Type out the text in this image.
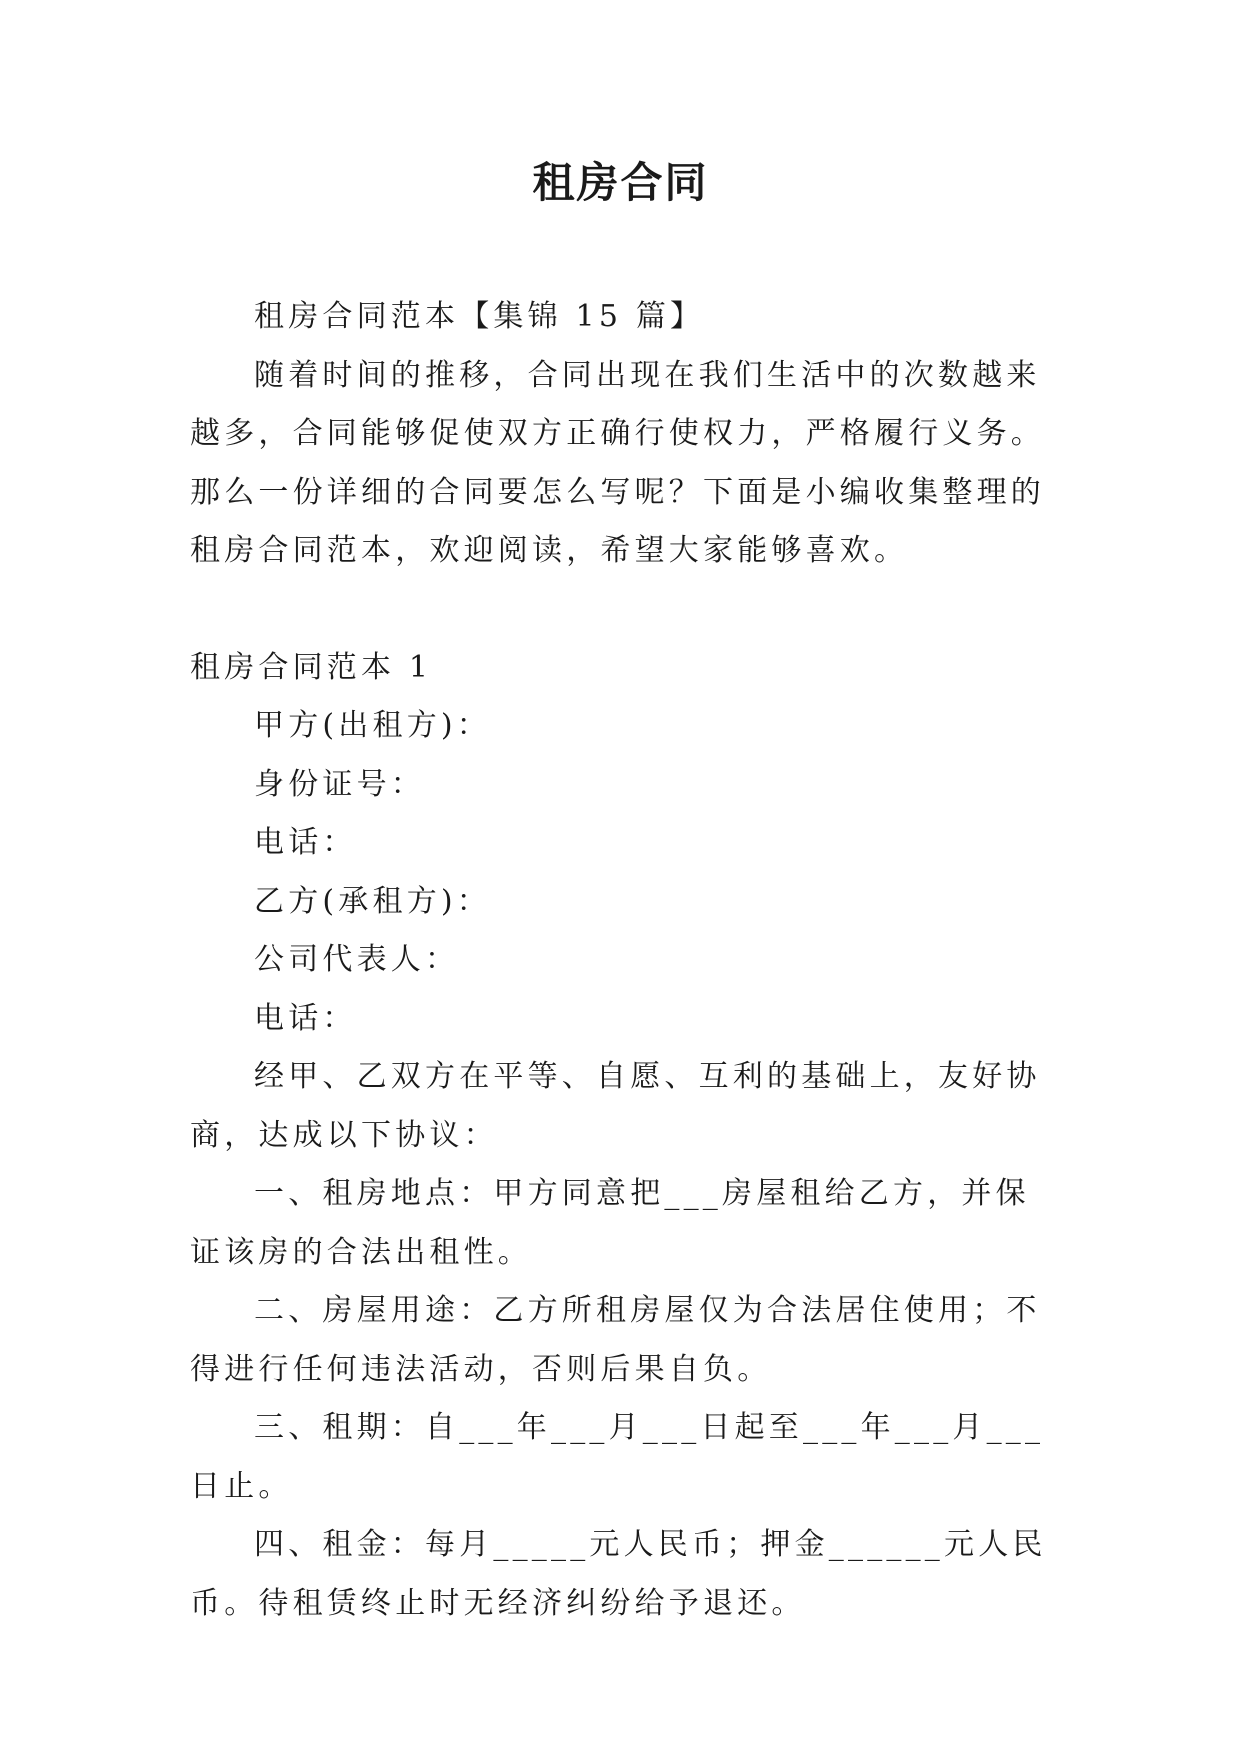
租房合同

租房合同范本【集锦 15 篇】

随着时间的推移，合同出现在我们生活中的次数越来越多，合同能够促使双方正确行使权力，严格履行义务。那么一份详细的合同要怎么写呢？下面是小编收集整理的租房合同范本，欢迎阅读，希望大家能够喜欢。

租房合同范本 1

甲方(出租方)：

身份证号：

电话：

乙方(承租方)：

公司代表人：

电话：

经甲、乙双方在平等、自愿、互利的基础上，友好协商，达成以下协议：

一、租房地点：甲方同意把___房屋租给乙方，并保证该房的合法出租性。

二、房屋用途：乙方所租房屋仅为合法居住使用；不得进行任何违法活动，否则后果自负。

三、租期：自___年___月___日起至___年___月___日止。

四、租金：每月_____元人民币；押金______元人民币。待租赁终止时无经济纠纷给予退还。
